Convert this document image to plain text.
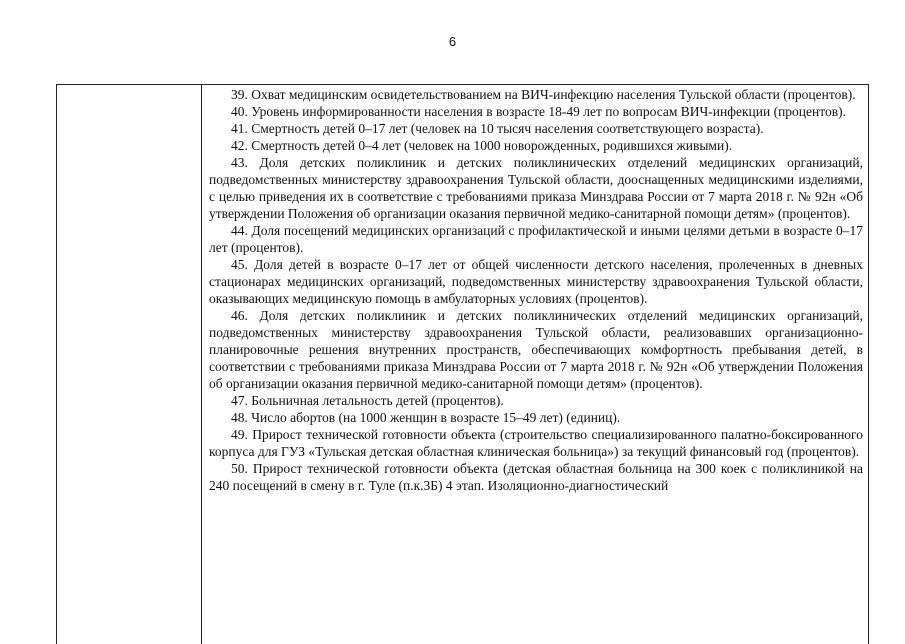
6

39. Охват медицинским освидетельствованием на ВИЧ-инфекцию населения Тульской области (процентов).

40. Уровень информированности населения в возрасте 18-49 лет по вопросам ВИЧ-инфекции (процентов).

41. Смертность детей 0–17 лет (человек на 10 тысяч населения соответствующего возраста).

42. Смертность детей 0–4 лет (человек на 1000 новорожденных, родившихся живыми).

43. Доля детских поликлиник и детских поликлинических отделений медицинских организаций, подведомственных министерству здравоохранения Тульской области, дооснащенных медицинскими изделиями, с целью приведения их в соответствие с требованиями приказа Минздрава России от 7 марта 2018 г. № 92н «Об утверждении Положения об организации оказания первичной медико-санитарной помощи детям» (процентов).

44. Доля посещений медицинских организаций с профилактической и иными целями детьми в возрасте 0–17 лет (процентов).

45. Доля детей в возрасте 0–17 лет от общей численности детского населения, пролеченных в дневных стационарах медицинских организаций, подведомственных министерству здравоохранения Тульской области, оказывающих медицинскую помощь в амбулаторных условиях (процентов).

46. Доля детских поликлиник и детских поликлинических отделений медицинских организаций, подведомственных министерству здравоохранения Тульской области, реализовавших организационно-планировочные решения внутренних пространств, обеспечивающих комфортность пребывания детей, в соответствии с требованиями приказа Минздрава России от 7 марта 2018 г. № 92н «Об утверждении Положения об организации оказания первичной медико-санитарной помощи детям» (процентов).

47. Больничная летальность детей (процентов).

48. Число абортов (на 1000 женщин в возрасте 15–49 лет) (единиц).

49. Прирост технической готовности объекта (строительство специализированного палатно-боксированного корпуса для ГУЗ «Тульская детская областная клиническая больница») за текущий финансовый год (процентов).

50. Прирост технической готовности объекта (детская областная больница на 300 коек с поликлиникой на 240 посещений в смену в г. Туле (п.к.3Б) 4 этап. Изоляционно-диагностический
